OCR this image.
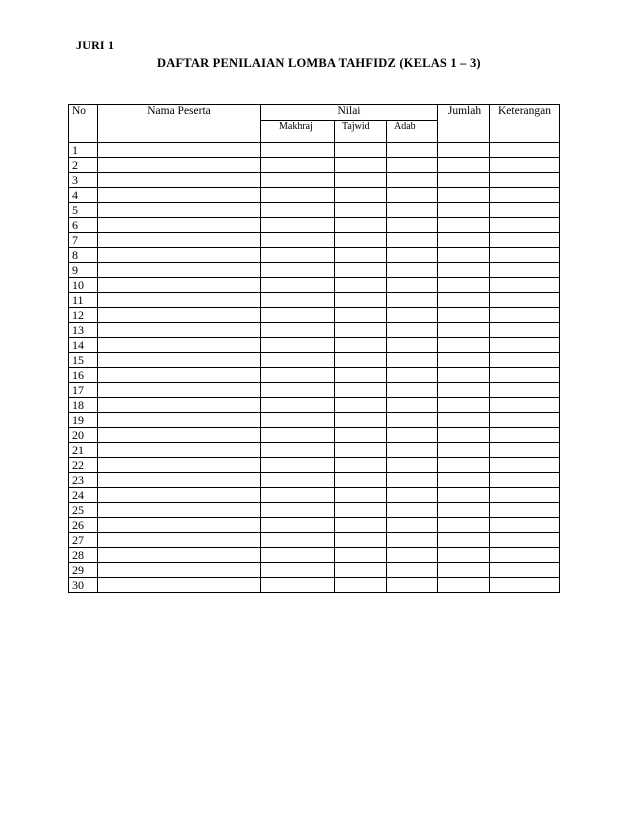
JURI 1
DAFTAR PENILAIAN LOMBA TAHFIDZ (KELAS 1 – 3)
No	Nama Peserta	Nilai			Jumlah	Keterangan
		Makhraj	Tajwid	Adab		
1						
2						
3						
4						
5						
6						
7						
8						
9						
10						
11						
12						
13						
14						
15						
16						
17						
18						
19						
20						
21						
22						
23						
24						
25						
26						
27						
28						
29						
30						
